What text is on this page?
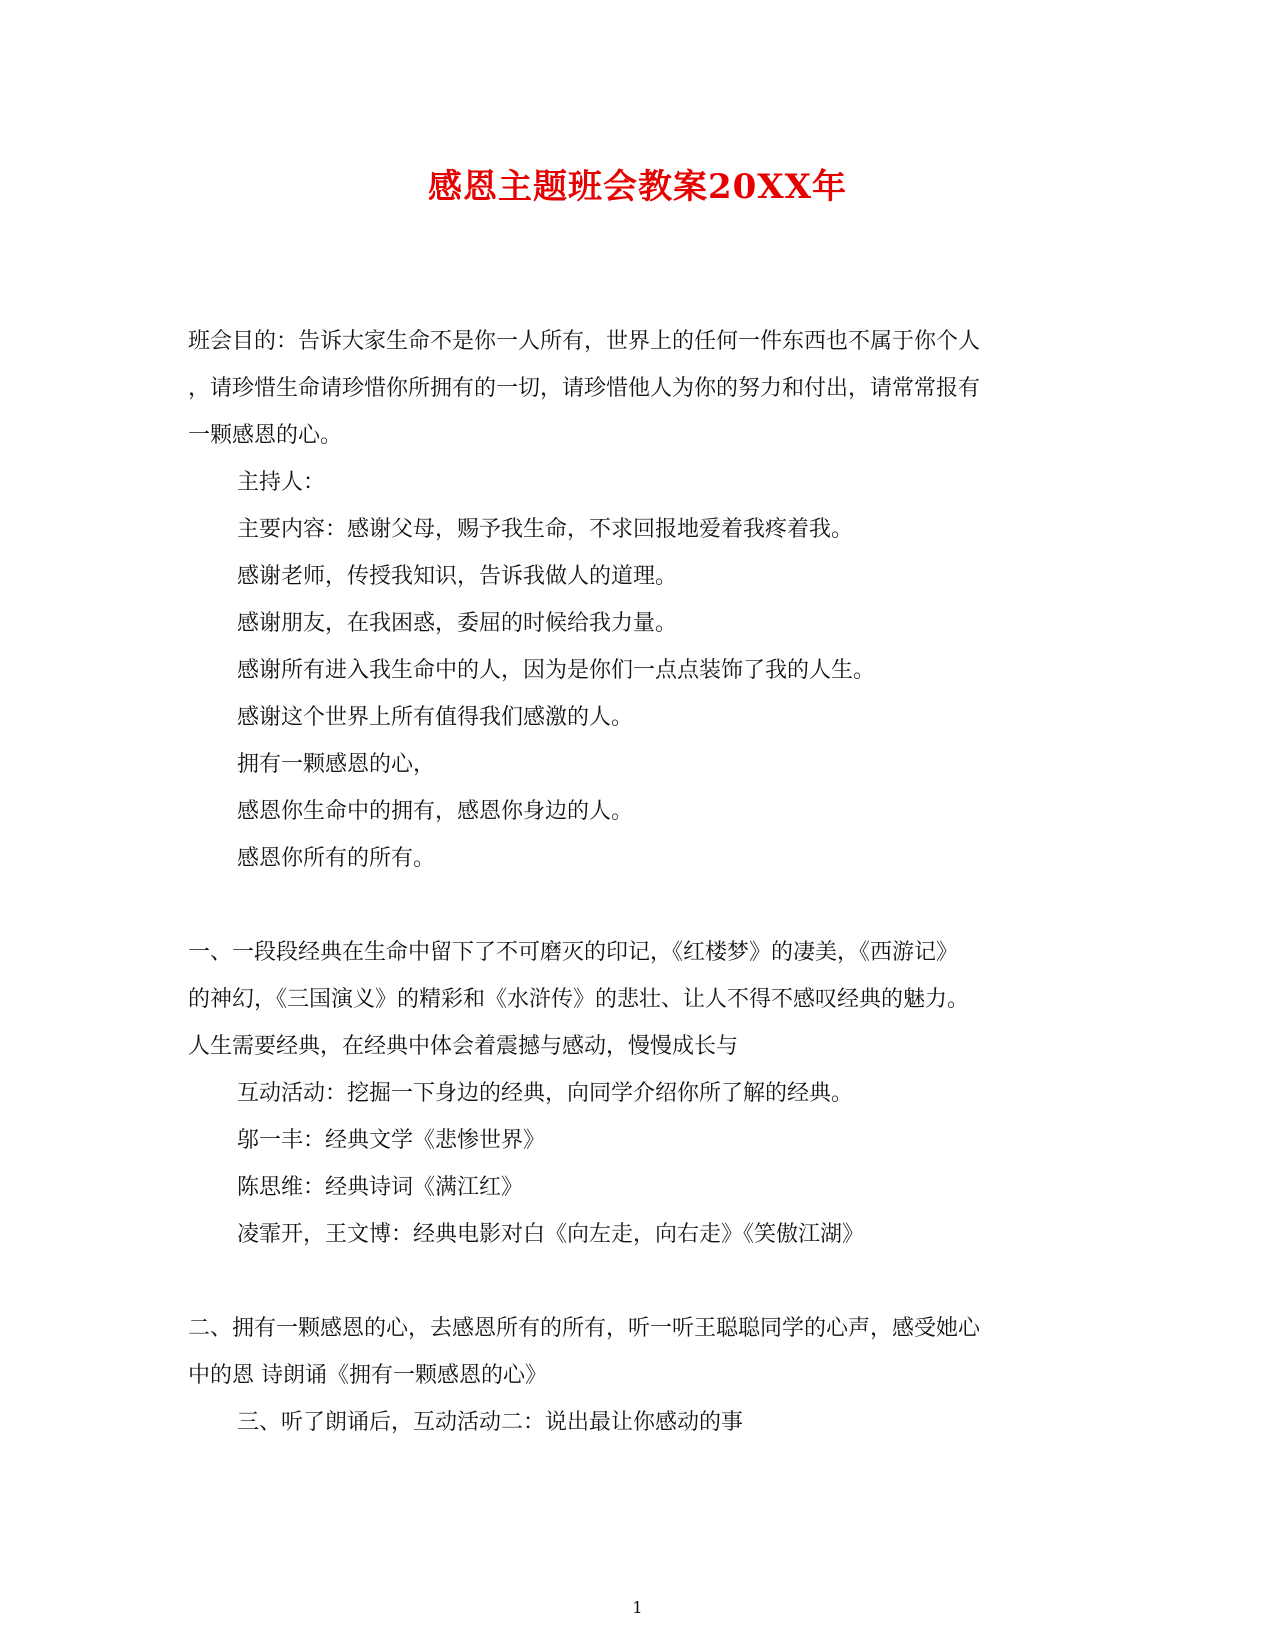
感恩主题班会教案20XX年

班会目的：告诉大家生命不是你一人所有，世界上的任何一件东西也不属于你个人

，请珍惜生命请珍惜你所拥有的一切，请珍惜他人为你的努力和付出，请常常报有

一颗感恩的心。

主持人：

主要内容：感谢父母，赐予我生命，不求回报地爱着我疼着我。

感谢老师，传授我知识，告诉我做人的道理。

感谢朋友，在我困惑，委屈的时候给我力量。

感谢所有进入我生命中的人，因为是你们一点点装饰了我的人生。

感谢这个世界上所有值得我们感激的人。

拥有一颗感恩的心，

感恩你生命中的拥有，感恩你身边的人。

感恩你所有的所有。

一、一段段经典在生命中留下了不可磨灭的印记，《红楼梦》的凄美，《西游记》

的神幻，《三国演义》的精彩和《水浒传》的悲壮、让人不得不感叹经典的魅力。

人生需要经典，在经典中体会着震撼与感动，慢慢成长与

互动活动：挖掘一下身边的经典，向同学介绍你所了解的经典。

邬一丰：经典文学《悲惨世界》

陈思维：经典诗词《满江红》

凌霏开，王文博：经典电影对白《向左走，向右走》《笑傲江湖》

二、拥有一颗感恩的心，去感恩所有的所有，听一听王聪聪同学的心声，感受她心

中的恩 诗朗诵《拥有一颗感恩的心》

三、听了朗诵后，互动活动二：说出最让你感动的事

1
